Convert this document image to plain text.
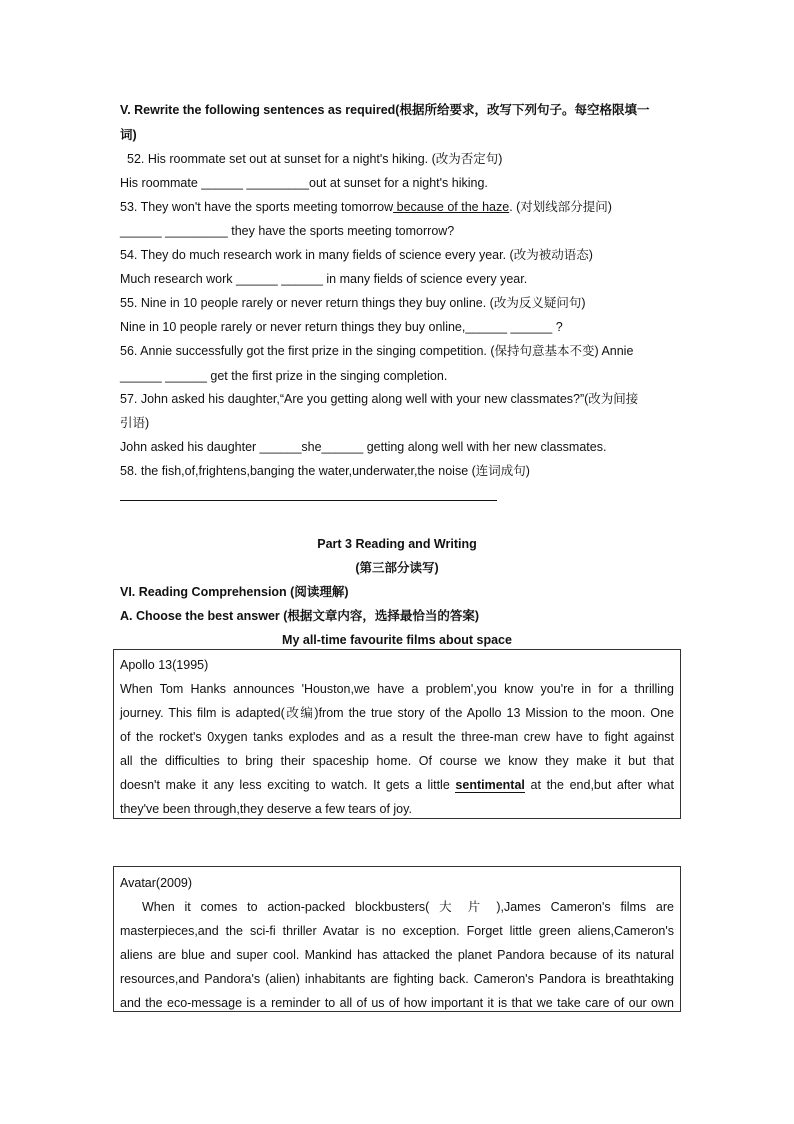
V. Rewrite the following sentences as required(根据所给要求，改写下列句子。每空格限填一
词)
52. His roommate set out at sunset for a night's hiking. (改为否定句)
His roommate ______ _________out at sunset for a night's hiking.
53. They won't have the sports meeting tomorrow because of the haze. (对划线部分提问)
______ _________ they have the sports meeting tomorrow?
54. They do much research work in many fields of science every year. (改为被动语态)
Much research work ______ ______ in many fields of science every year.
55. Nine in 10 people rarely or never return things they buy online. (改为反义疑问句)
Nine in 10 people rarely or never return things they buy online,______ ______ ?
56. Annie successfully got the first prize in the singing competition. (保持句意基本不变) Annie
______ ______ get the first prize in the singing completion.
57. John asked his daughter,“Are you getting along well with your new classmates?”(改为间接
引语)
John asked his daughter ______she______ getting along well with her new classmates.
58. the fish,of,frightens,banging the water,underwater,the noise (连词成句)
Part 3 Reading and Writing
(第三部分读写)
VI. Reading Comprehension (阅读理解)
A. Choose the best answer (根据文章内容，选择最恰当的答案)
My all-time favourite films about space
Apollo 13(1995)
When Tom Hanks announces 'Houston,we have a problem',you know you're in for a thrilling
journey. This film is adapted(改编)from the true story of the Apollo 13 Mission to the moon. One
of the rocket's 0xygen tanks explodes and as a result the three-man crew have to fight against
all the difficulties to bring their spaceship home. Of course we know they make it but that
doesn't make it any less exciting to watch. It gets a little sentimental at the end,but after what
they've been through,they deserve a few tears of joy.
Avatar(2009)
When it comes to action-packed blockbusters( 大 片 ),James Cameron's films are
masterpieces,and the sci-fi thriller Avatar is no exception. Forget little green aliens,Cameron's
aliens are blue and super cool. Mankind has attacked the planet Pandora because of its natural
resources,and Pandora's (alien) inhabitants are fighting back. Cameron's Pandora is breathtaking
and the eco-message is a reminder to all of us of how important it is that we take care of our own
